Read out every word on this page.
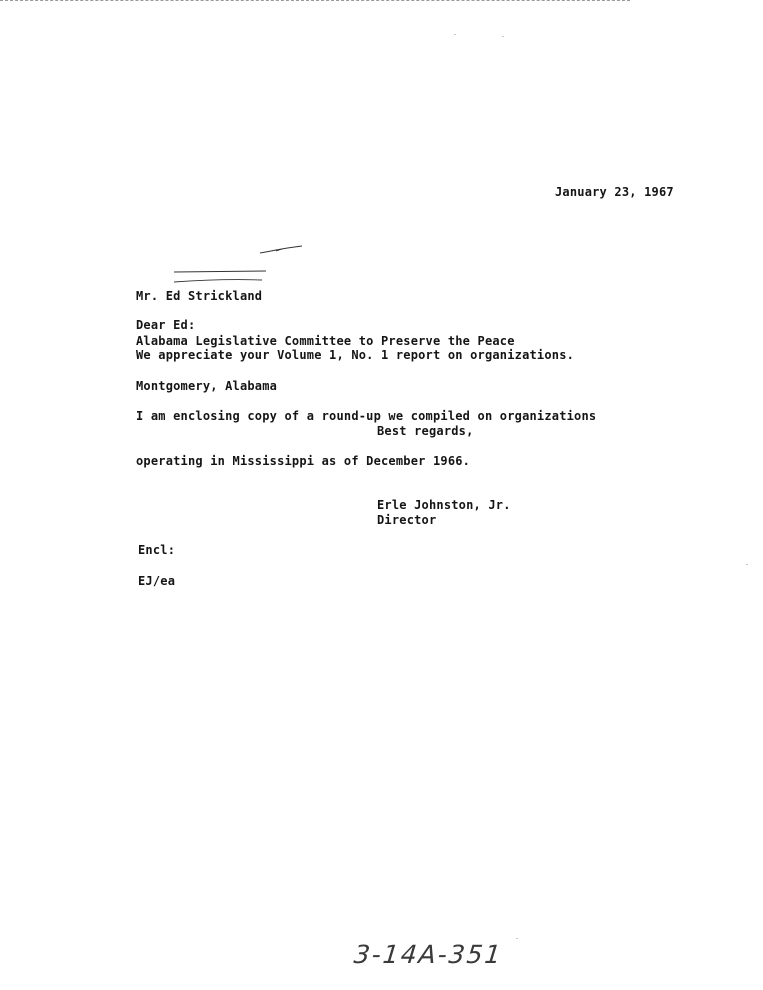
January 23, 1967

Mr. Ed Strickland

Alabama Legislative Committee to Preserve the Peace

Montgomery, Alabama

Dear Ed:
We appreciate your Volume 1, No. 1 report on organizations.

I am enclosing copy of a round-up we compiled on organizations

operating in Mississippi as of December 1966.

Best regards,
Erle Johnston, Jr.
Director
Encl:
EJ/ea
3-14A-351
